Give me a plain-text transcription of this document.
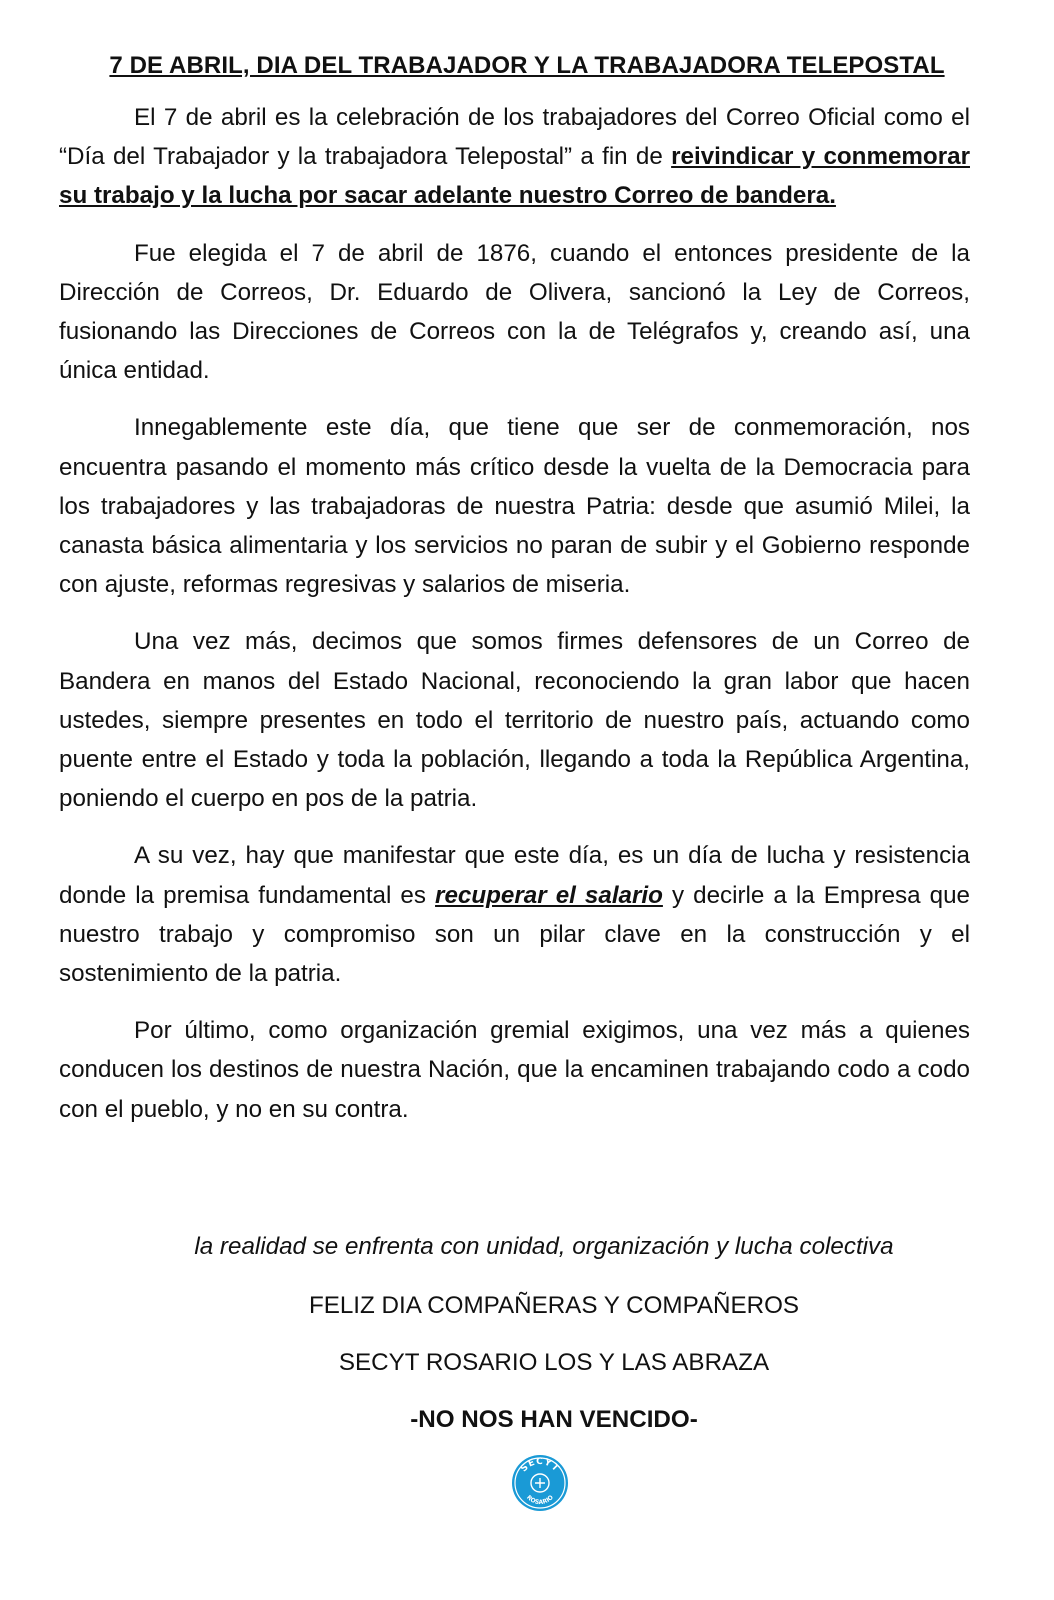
7 DE ABRIL, DIA DEL TRABAJADOR Y LA TRABAJADORA TELEPOSTAL

El 7 de abril es la celebración de los trabajadores del Correo Oficial como el “Día del Trabajador y la trabajadora Telepostal” a fin de reivindicar y conmemorar su trabajo y la lucha por sacar adelante nuestro Correo de bandera.

Fue elegida el 7 de abril de 1876, cuando el entonces presidente de la Dirección de Correos, Dr. Eduardo de Olivera, sancionó la Ley de Correos, fusionando las Direcciones de Correos con la de Telégrafos y, creando así, una única entidad.

Innegablemente este día, que tiene que ser de conmemoración, nos encuentra pasando el momento más crítico desde la vuelta de la Democracia para los trabajadores y las trabajadoras de nuestra Patria: desde que asumió Milei, la canasta básica alimentaria y los servicios no paran de subir y el Gobierno responde con ajuste, reformas regresivas y salarios de miseria.

Una vez más, decimos que somos firmes defensores de un Correo de Bandera en manos del Estado Nacional, reconociendo la gran labor que hacen ustedes, siempre presentes en todo el territorio de nuestro país, actuando como puente entre el Estado y toda la población, llegando a toda la República Argentina, poniendo el cuerpo en pos de la patria.

A su vez, hay que manifestar que este día, es un día de lucha y resistencia donde la premisa fundamental es recuperar el salario y decirle a la Empresa que nuestro trabajo y compromiso son un pilar clave en la construcción y el sostenimiento de la patria.

Por último, como organización gremial exigimos, una vez más a quienes conducen los destinos de nuestra Nación, que la encaminen trabajando codo a codo con el pueblo, y no en su contra.

la realidad se enfrenta con unidad, organización y lucha colectiva
FELIZ DIA COMPAÑERAS Y COMPAÑEROS
SECYT ROSARIO LOS Y LAS ABRAZA
-NO NOS HAN VENCIDO-
SECYT
ROSARIO
